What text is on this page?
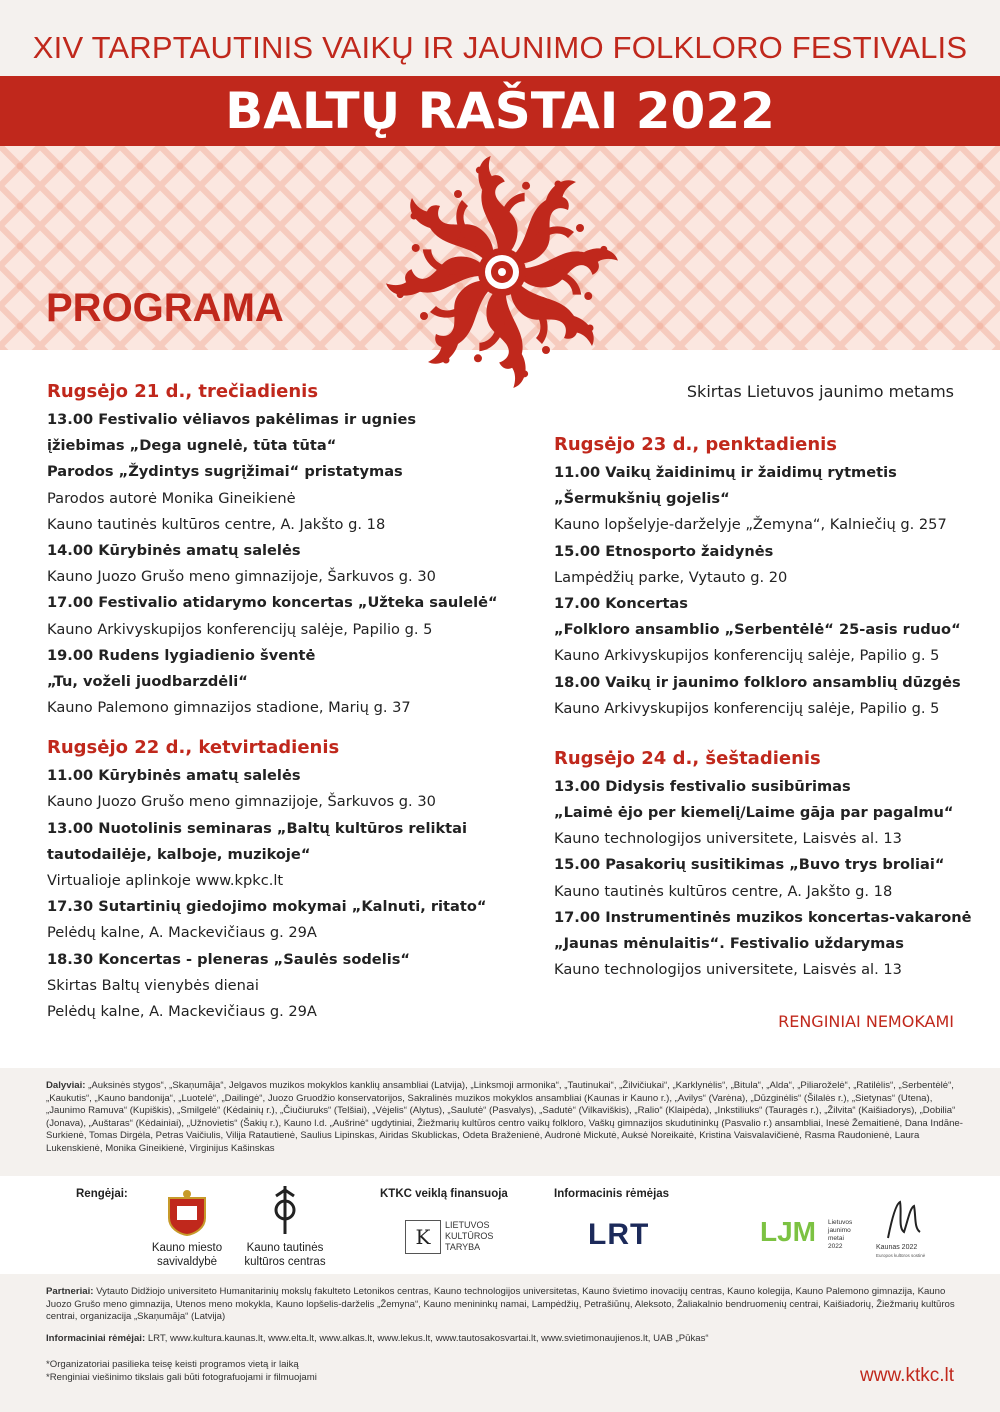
XIV TARPTAUTINIS VAIKŲ IR JAUNIMO FOLKLORO FESTIVALIS
BALTŲ RAŠTAI 2022
PROGRAMA
Skirtas Lietuvos jaunimo metams
Rugsėjo 21 d., trečiadienis
13.00 Festivalio vėliavos pakėlimas ir ugnies
įžiebimas „Dega ugnelė, tūta tūta“
Parodos „Žydintys sugrįžimai“ pristatymas
Parodos autorė Monika Gineikienė
Kauno tautinės kultūros centre, A. Jakšto g. 18
14.00 Kūrybinės amatų salelės
Kauno Juozo Grušo meno gimnazijoje, Šarkuvos g. 30
17.00 Festivalio atidarymo koncertas „Užteka saulelė“
Kauno Arkivyskupijos konferencijų salėje, Papilio g. 5
19.00 Rudens lygiadienio šventė
„Tu, voželi juodbarzdėli“
Kauno Palemono gimnazijos stadione, Marių g. 37
Rugsėjo 22 d., ketvirtadienis
11.00 Kūrybinės amatų salelės
Kauno Juozo Grušo meno gimnazijoje, Šarkuvos g. 30
13.00 Nuotolinis seminaras „Baltų kultūros reliktai
tautodailėje, kalboje, muzikoje“
Virtualioje aplinkoje www.kpkc.lt
17.30 Sutartinių giedojimo mokymai „Kalnuti, ritato“
Pelėdų kalne, A. Mackevičiaus g. 29A
18.30 Koncertas - pleneras „Saulės sodelis“
Skirtas Baltų vienybės dienai
Pelėdų kalne, A. Mackevičiaus g. 29A
Rugsėjo 23 d., penktadienis
11.00 Vaikų žaidinimų ir žaidimų rytmetis
„Šermukšnių gojelis“
Kauno lopšelyje-darželyje „Žemyna“, Kalniečių g. 257
15.00 Etnosporto žaidynės
Lampėdžių parke, Vytauto g. 20
17.00 Koncertas
„Folkloro ansamblio „Serbentėlė“ 25-asis ruduo“
Kauno Arkivyskupijos konferencijų salėje, Papilio g. 5
18.00 Vaikų ir jaunimo folkloro ansamblių dūzgės
Kauno Arkivyskupijos konferencijų salėje, Papilio g. 5
Rugsėjo 24 d., šeštadienis
13.00 Didysis festivalio susibūrimas
„Laimė ėjo per kiemelį/Laime gāja par pagalmu“
Kauno technologijos universitete, Laisvės al. 13
15.00 Pasakorių susitikimas „Buvo trys broliai“
Kauno tautinės kultūros centre, A. Jakšto g. 18
17.00 Instrumentinės muzikos koncertas-vakaronė
„Jaunas mėnulaitis“. Festivalio uždarymas
Kauno technologijos universitete, Laisvės al. 13
RENGINIAI NEMOKAMI
Dalyviai: „Auksinės stygos“, „Skaņumāja“, Jelgavos muzikos mokyklos kanklių ansambliai (Latvija), „Linksmoji armonika“, „Tautinukai“, „Žilvičiukai“, „Karklynėlis“, „Bitula“, „Alda“, „Piliaroželė“, „Ratilėlis“, „Serbentėlė“, „Kaukutis“, „Kauno bandonija“, „Luotelė“, „Dailingė“, Juozo Gruodžio konservatorijos, Sakralinės muzikos mokyklos ansambliai (Kaunas ir Kauno r.), „Avilys“ (Varėna), „Dūzginėlis“ (Šilalės r.), „Sietynas“ (Utena), „Jaunimo Ramuva“ (Kupiškis), „Smilgelė“ (Kėdainių r.), „Čiučiuruks“ (Telšiai), „Vėjelis“ (Alytus), „Saulutė“ (Pasvalys), „Sadutė“ (Vilkaviškis), „Ralio“ (Klaipėda), „Inkstiliuks“ (Tauragės r.), „Žilvita“ (Kaišiadorys), „Dobilia“ (Jonava), „Auštaras“ (Kėdainiai), „Užnovietis“ (Šakių r.), Kauno l.d. „Aušrinė“ ugdytiniai, Žiežmarių kultūros centro vaikų folkloro, Vaškų gimnazijos skudutininkų (Pasvalio r.) ansambliai, Inesė Žemaitienė, Dana Indāne-Surkienė, Tomas Dirgėla, Petras Vaičiulis, Vilija Ratautienė, Saulius Lipinskas, Airidas Skublickas, Odeta Braženienė, Audronė Mickutė, Auksė Noreikaitė, Kristina Vaisvalavičienė, Rasma Raudonienė, Laura Lukenskienė, Monika Gineikienė, Virginijus Kašinskas
Rengėjai:
Kauno miesto savivaldybė
Kauno tautinės kultūros centras
KTKC veiklą finansuoja
K	LIETUVOS
KULTŪROS
TARYBA
Informacinis rėmėjas
LRT	LJM Lietuvos
jaunimo
metai
2022	Kaunas 2022
Europos kultūros sostinė
Partneriai: Vytauto Didžiojo universiteto Humanitarinių mokslų fakulteto Letonikos centras, Kauno technologijos universitetas, Kauno švietimo inovacijų centras, Kauno kolegija, Kauno Palemono gimnazija, Kauno Juozo Grušo meno gimnazija, Utenos meno mokykla, Kauno lopšelis-darželis „Žemyna“, Kauno menininkų namai, Lampėdžių, Petrašiūnų, Aleksoto, Žaliakalnio bendruomenių centrai, Kaišiadorių, Žiežmarių kultūros centrai, organizacija „Skaņumāja“ (Latvija)
Informaciniai rėmėjai: LRT, www.kultura.kaunas.lt, www.elta.lt, www.alkas.lt, www.lekus.lt, www.tautosakosvartai.lt, www.svietimonaujienos.lt, UAB „Pūkas“
*Organizatoriai pasilieka teisę keisti programos vietą ir laiką
*Renginiai viešinimo tikslais gali būti fotografuojami ir filmuojami	www.ktkc.lt
